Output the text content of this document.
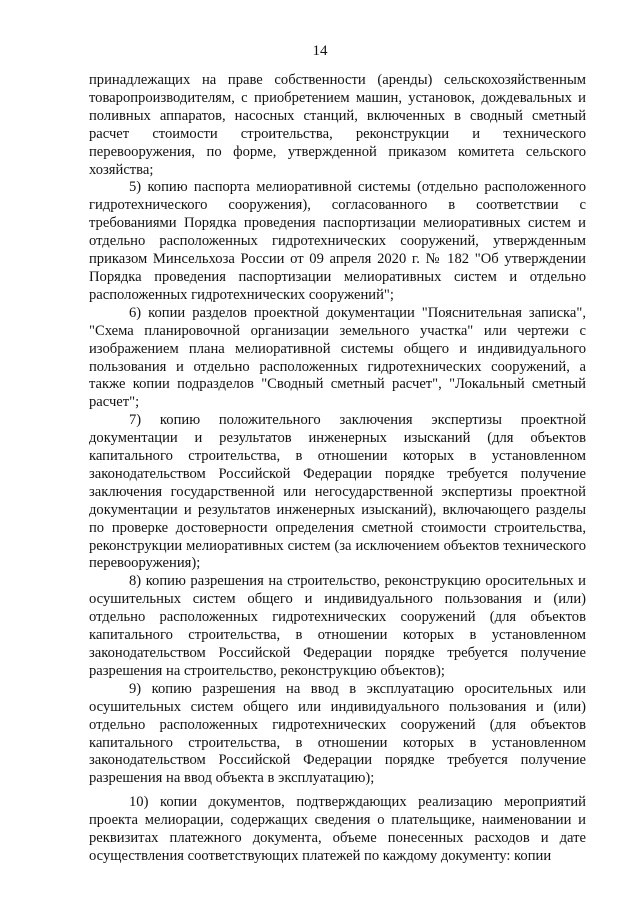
14

принадлежащих на праве собственности (аренды) сельскохозяйственным товаропроизводителям, с приобретением машин, установок, дождевальных и поливных аппаратов, насосных станций, включенных в сводный сметный расчет стоимости строительства, реконструкции и технического перевооружения, по форме, утвержденной приказом комитета сельского хозяйства;

5) копию паспорта мелиоративной системы (отдельно расположенного гидротехнического сооружения), согласованного в соответствии с требованиями Порядка проведения паспортизации мелиоративных систем и отдельно расположенных гидротехнических сооружений, утвержденным приказом Минсельхоза России от 09 апреля 2020 г. № 182 "Об утверждении Порядка проведения паспортизации мелиоративных систем и отдельно расположенных гидротехнических сооружений";

6) копии разделов проектной документации "Пояснительная записка", "Схема планировочной организации земельного участка" или чертежи с изображением плана мелиоративной системы общего и индивидуального пользования и отдельно расположенных гидротехнических сооружений, а также копии подразделов "Сводный сметный расчет", "Локальный сметный расчет";

7) копию положительного заключения экспертизы проектной документации и результатов инженерных изысканий (для объектов капитального строительства, в отношении которых в установленном законодательством Российской Федерации порядке требуется получение заключения государственной или негосударственной экспертизы проектной документации и результатов инженерных изысканий), включающего разделы по проверке достоверности определения сметной стоимости строительства, реконструкции мелиоративных систем (за исключением объектов технического перевооружения);

8) копию разрешения на строительство, реконструкцию оросительных и осушительных систем общего и индивидуального пользования и (или) отдельно расположенных гидротехнических сооружений (для объектов капитального строительства, в отношении которых в установленном законодательством Российской Федерации порядке требуется получение разрешения на строительство, реконструкцию объектов);

9) копию разрешения на ввод в эксплуатацию оросительных или осушительных систем общего или индивидуального пользования и (или) отдельно расположенных гидротехнических сооружений (для объектов капитального строительства, в отношении которых в установленном законодательством Российской Федерации порядке требуется получение разрешения на ввод объекта в эксплуатацию);

10) копии документов, подтверждающих реализацию мероприятий проекта мелиорации, содержащих сведения о плательщике, наименовании и реквизитах платежного документа, объеме понесенных расходов и дате осуществления соответствующих платежей по каждому документу: копии
